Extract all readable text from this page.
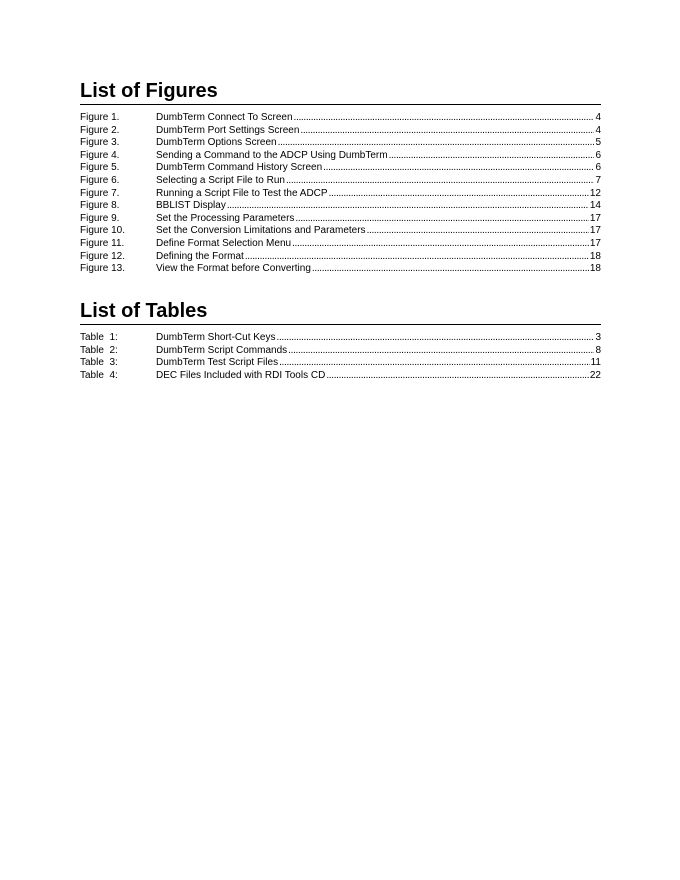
List of Figures
Figure 1.	DumbTerm Connect To Screen . . .	4
Figure 2.	DumbTerm Port Settings Screen . . .	4
Figure 3.	DumbTerm Options Screen . . .	5
Figure 4.	Sending a Command to the ADCP Using DumbTerm . . .	6
Figure 5.	DumbTerm Command History Screen . . .	6
Figure 6.	Selecting a Script File to Run . . .	7
Figure 7.	Running a Script File to Test the ADCP . . .	12
Figure 8.	BBLIST Display . . .	14
Figure 9.	Set the Processing Parameters . . .	17
Figure 10.	Set the Conversion Limitations and Parameters . . .	17
Figure 11.	Define Format Selection Menu . . .	17
Figure 12.	Defining the Format . . .	18
Figure 13.	View the Format before Converting . . .	18
List of Tables
Table  1:	DumbTerm Short-Cut Keys . . .	3
Table  2:	DumbTerm Script Commands . . .	8
Table  3:	DumbTerm Test Script Files . . .	11
Table  4:	DEC Files Included with RDI Tools CD . . .	22
